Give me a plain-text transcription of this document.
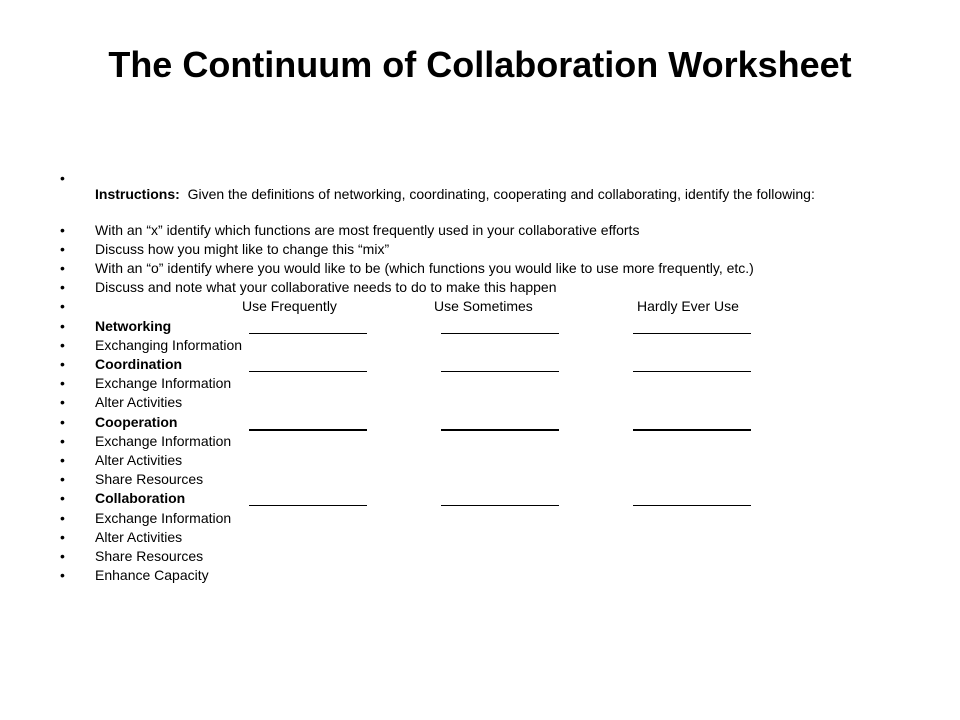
The Continuum of Collaboration Worksheet
•
Instructions: Given the definitions of networking, coordinating, cooperating and collaborating, identify the following:
• With an “x” identify which functions are most frequently used in your collaborative efforts
• Discuss how you might like to change this “mix”
• With an “o” identify where you would like to be (which functions you would like to use more frequently, etc.)
• Discuss and note what your collaborative needs to do to make this happen
•	Use Frequently	Use Sometimes	Hardly Ever Use
• Networking
• Exchanging Information
• Coordination
• Exchange Information
• Alter Activities
• Cooperation
• Exchange Information
• Alter Activities
• Share Resources
• Collaboration
• Exchange Information
• Alter Activities
• Share Resources
• Enhance Capacity
